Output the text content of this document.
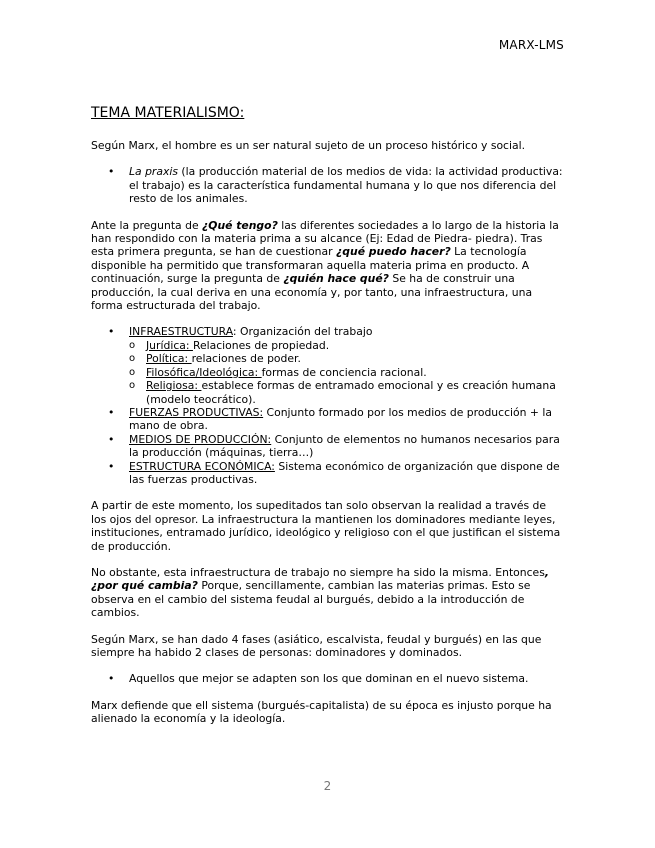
MARX-LMS
TEMA MATERIALISMO:

Según Marx, el hombre es un ser natural sujeto de un proceso histórico y social.

• La praxis (la producción material de los medios de vida: la actividad productiva: el trabajo) es la característica fundamental humana y lo que nos diferencia del resto de los animales.

Ante la pregunta de ¿Qué tengo? las diferentes sociedades a lo largo de la historia la han respondido con la materia prima a su alcance (Ej: Edad de Piedra- piedra). Tras esta primera pregunta, se han de cuestionar ¿qué puedo hacer? La tecnología disponible ha permitido que transformaran aquella materia prima en producto. A continuación, surge la pregunta de ¿quién hace qué? Se ha de construir una producción, la cual deriva en una economía y, por tanto, una infraestructura, una forma estructurada del trabajo.

• INFRAESTRUCTURA: Organización del trabajo
o Jurídica: Relaciones de propiedad.
o Política: relaciones de poder.
o Filosófica/Ideológica: formas de conciencia racional.
o Religiosa: establece formas de entramado emocional y es creación humana (modelo teocrático).
• FUERZAS PRODUCTIVAS: Conjunto formado por los medios de producción + la mano de obra.
• MEDIOS DE PRODUCCIÓN: Conjunto de elementos no humanos necesarios para la producción (máquinas, tierra…)
• ESTRUCTURA ECONÓMICA: Sistema económico de organización que dispone de las fuerzas productivas.

A partir de este momento, los supeditados tan solo observan la realidad a través de los ojos del opresor. La infraestructura la mantienen los dominadores mediante leyes, instituciones, entramado jurídico, ideológico y religioso con el que justifican el sistema de producción.

No obstante, esta infraestructura de trabajo no siempre ha sido la misma. Entonces, ¿por qué cambia? Porque, sencillamente, cambian las materias primas. Esto se observa en el cambio del sistema feudal al burgués, debido a la introducción de cambios.

Según Marx, se han dado 4 fases (asiático, escalvista, feudal y burgués) en las que siempre ha habido 2 clases de personas: dominadores y dominados.

• Aquellos que mejor se adapten son los que dominan en el nuevo sistema.

Marx defiende que ell sistema (burgués-capitalista) de su época es injusto porque ha alienado la economía y la ideología.

2
